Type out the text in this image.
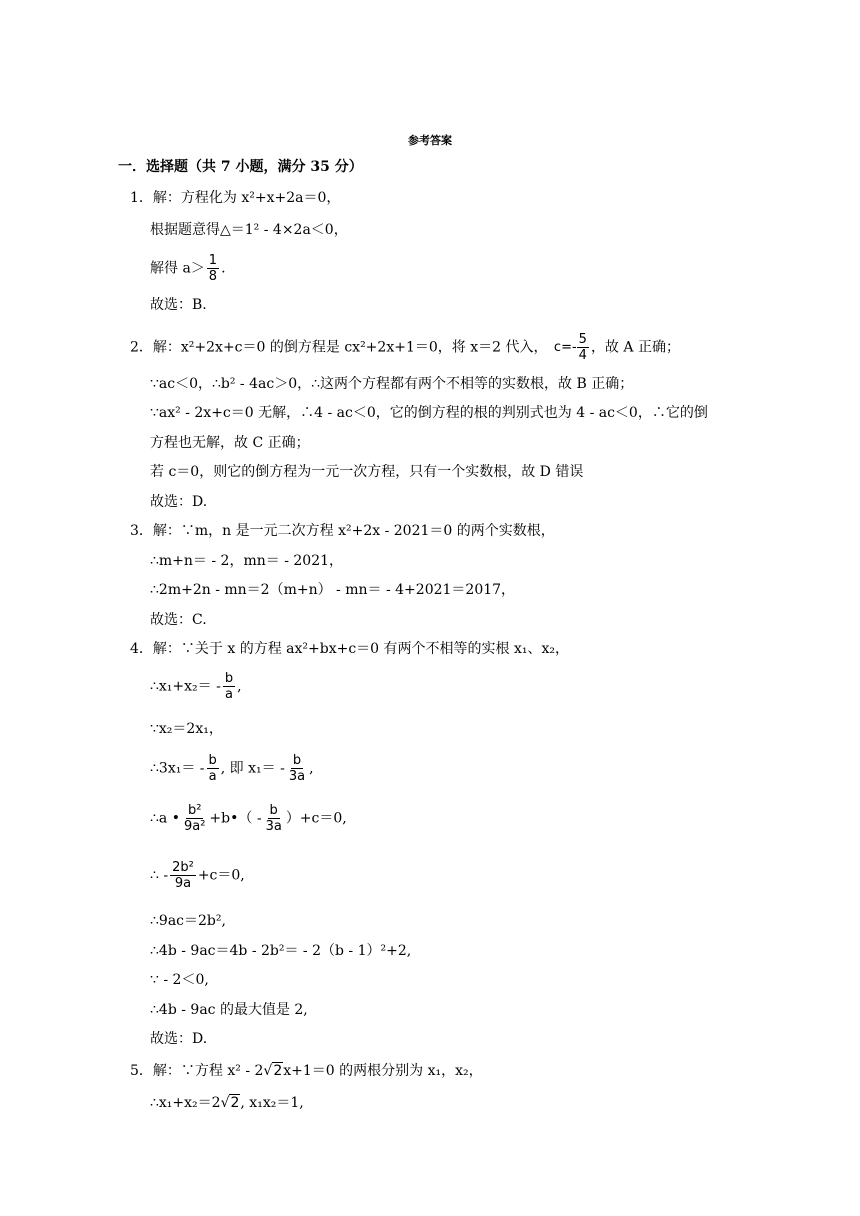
参考答案
一．选择题（共 7 小题，满分 35 分）
1．解：方程化为 x²+x+2a＝0，
根据题意得△＝1² ‐ 4×2a＜0，
解得 $a> \frac{1}{8}$ .
故选：B.
2．解：x²+2x+c＝0 的倒方程是 cx²+2x+1＝0，将 x＝2 代入， $c=- \frac{5}{4}$ ，故 A 正确；
∵ac＜0，∴b² ‐ 4ac＞0，∴这两个方程都有两个不相等的实数根，故 B 正确；
∵ax² ‐ 2x+c＝0 无解，∴4 ‐ ac＜0，它的倒方程的根的判别式也为 4 ‐ ac＜0，∴它的倒
方程也无解，故 C 正确；
若 c＝0，则它的倒方程为一元一次方程，只有一个实数根，故 D 错误
故选：D.
3．解：∵m，n 是一元二次方程 x²+2x ‐ 2021＝0 的两个实数根，
∴m+n＝ ‐ 2，mn＝ ‐ 2021，
∴2m+2n ‐ mn＝2（m+n） ‐ mn＝ ‐ 4+2021＝2017，
故选：C.
4．解：∵关于 x 的方程 ax²+bx+c＝0 有两个不相等的实根 x₁、x₂，
∴x₁+x₂＝ ‐ $\frac{b}{a}$ ,
∵x₂＝2x₁，
∴3x₁＝ ‐ $\frac{b}{a}$ , 即 x₁＝ ‐ $\frac{b}{3a}$ ,
∴a • $\frac{\text{b²}}{\text{9a²}}$ +b•（ ‐ $\frac{b}{3a} )+c=0$,
∴ ‐ $\frac{\text{2b²}}{9a} +c=0$,
∴9ac＝2b²,
∴4b ‐ 9ac＝4b ‐ 2b²＝ ‐ 2（b ‐ 1）²+2,
∵ ‐ 2＜0,
∴4b ‐ 9ac 的最大值是 2,
故选：D.
5．解：∵方程 x² ‐ 2√2x+1＝0 的两根分别为 x₁，x₂，
∴x₁+x₂＝2√2, x₁x₂＝1,
